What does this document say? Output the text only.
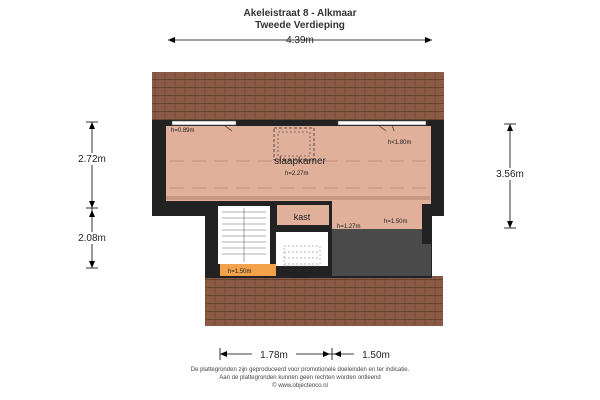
Akeleistraat 8 - Alkmaar
Tweede Verdieping
4.39m
slaapkamer
kast
h=0.89m
h<1.80m
h=2.27m
h=1.50m
h=1.27m
h=1.50m
2.72m
2.08m
3.56m
1.78m	1.50m
De plattegronden zijn geproduceerd voor promotionele doeleinden en ter indicatie.
Aan de plattegronden kunnen geen rechten worden ontleend
© www.objectenco.nl
